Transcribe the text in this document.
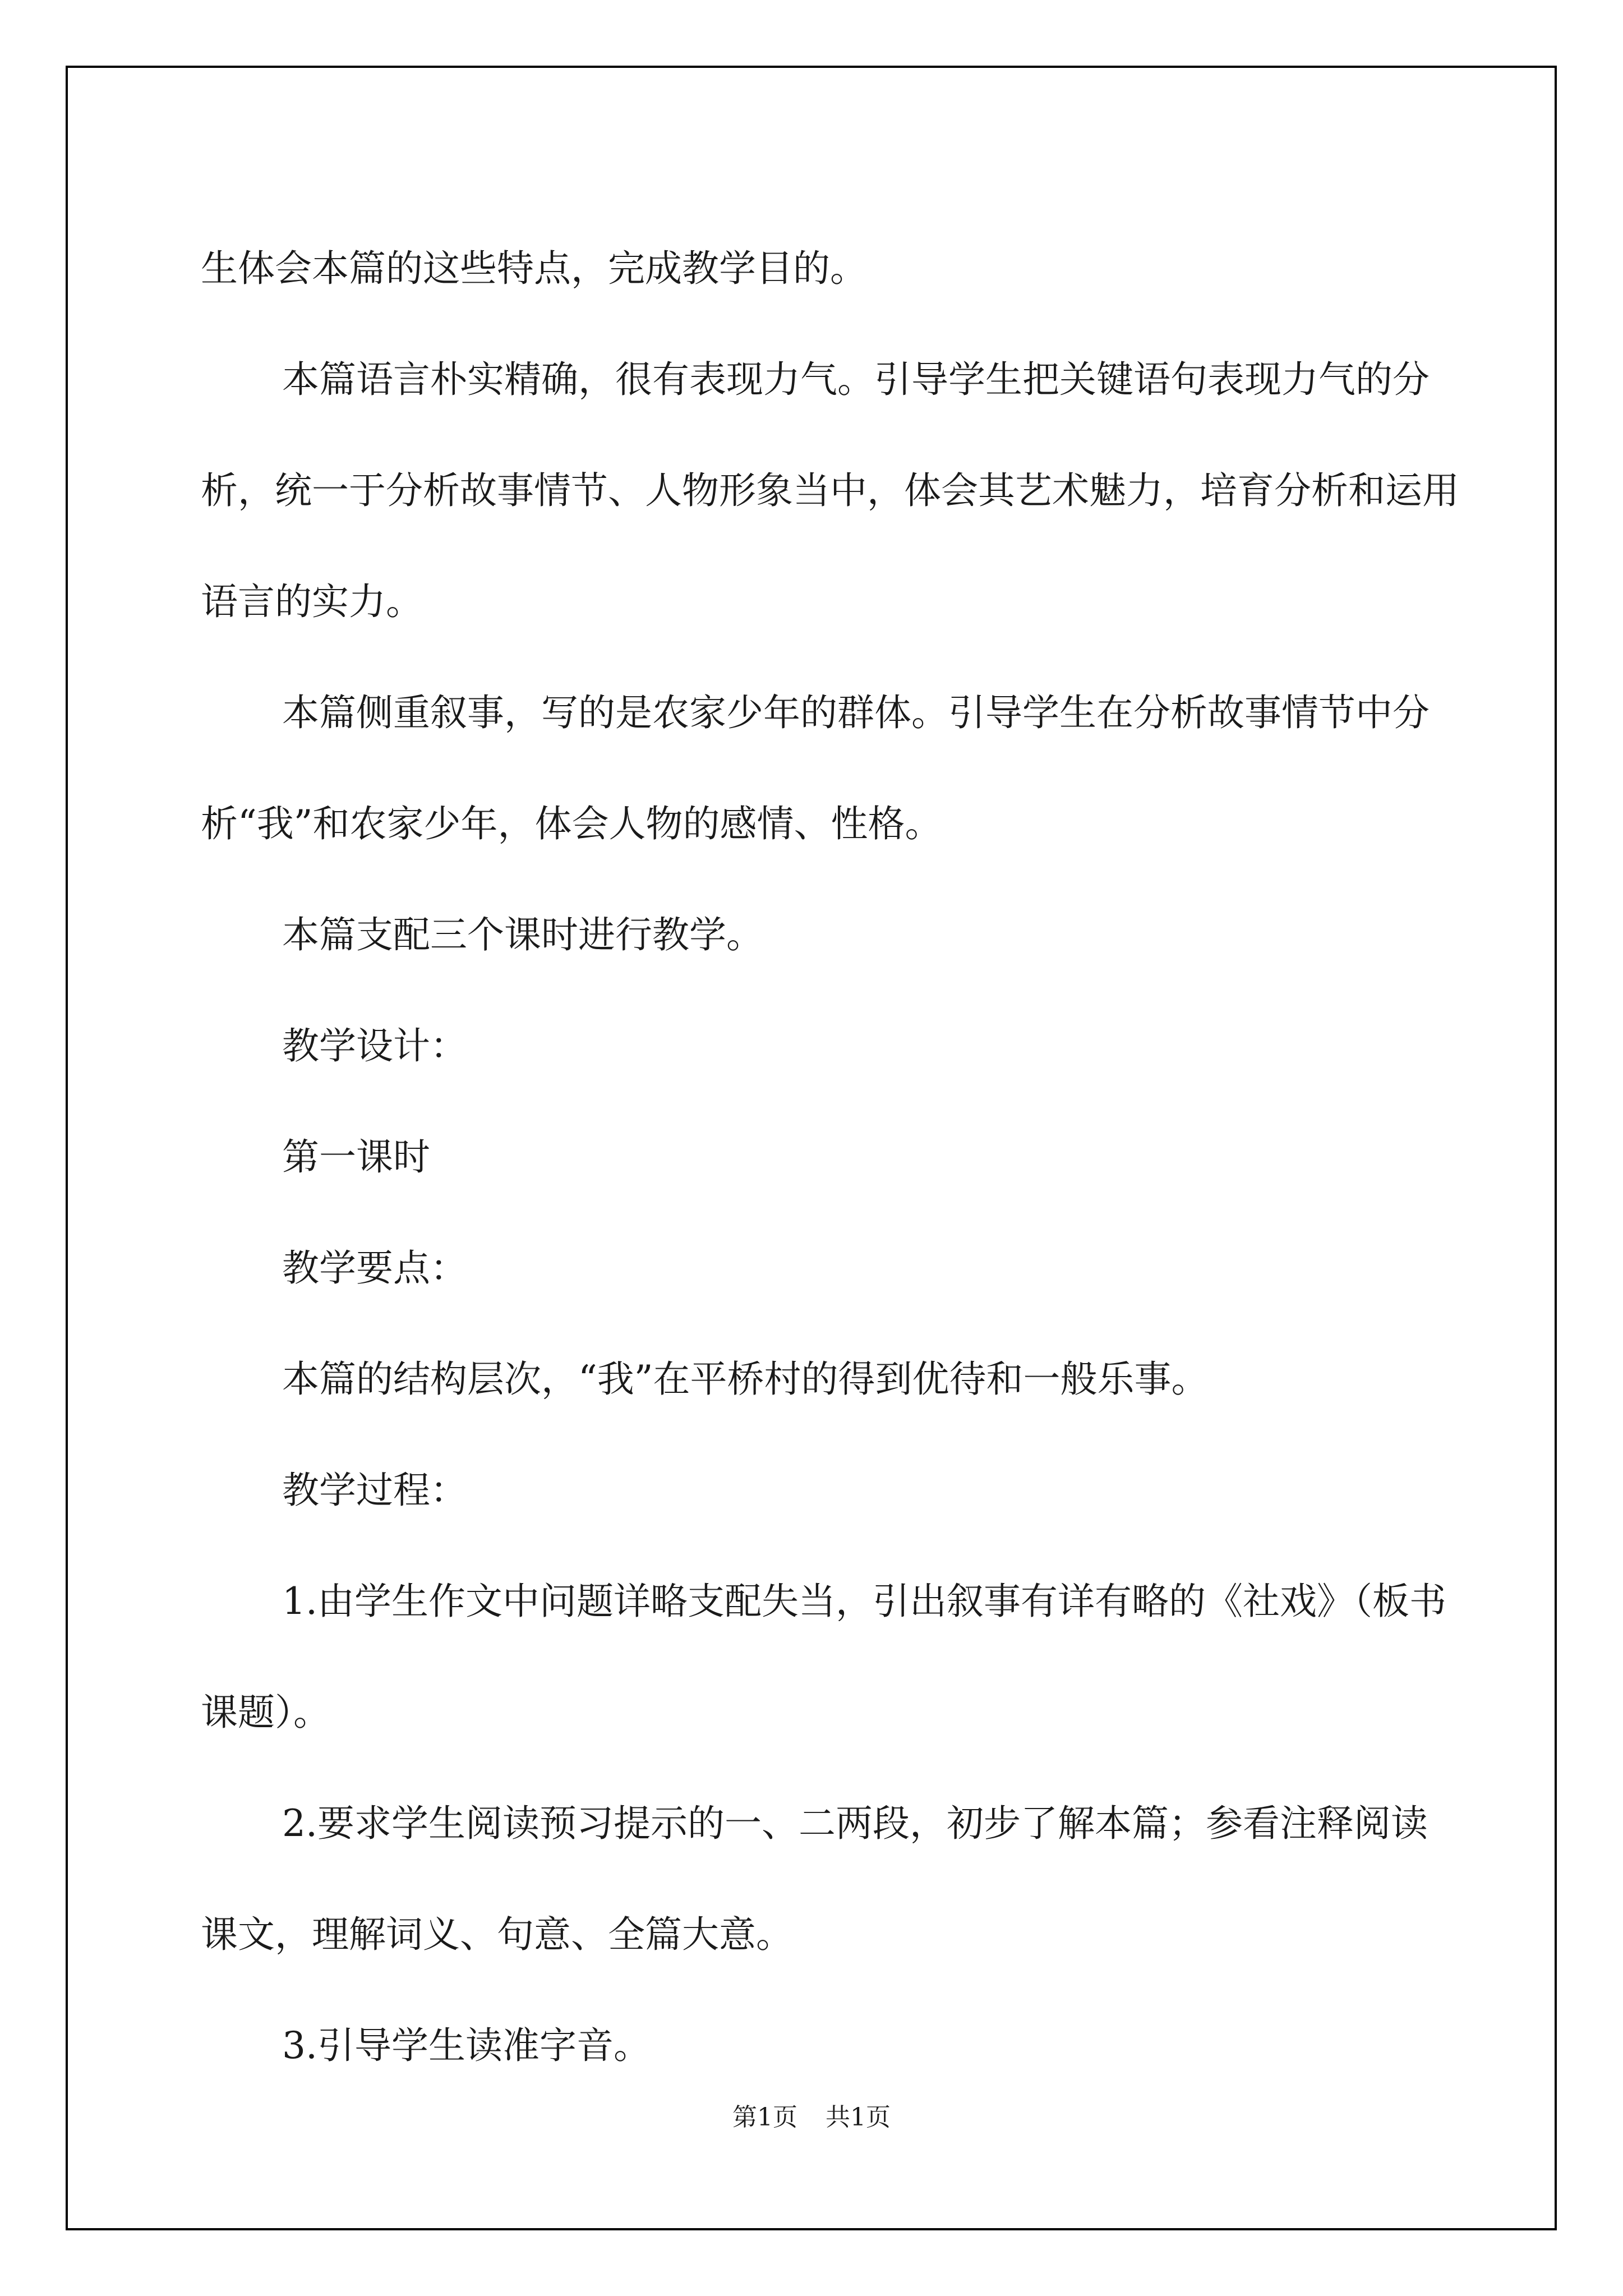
生体会本篇的这些特点，完成教学目的。

本篇语言朴实精确，很有表现力气。引导学生把关键语句表现力气的分析，统一于分析故事情节、人物形象当中，体会其艺术魅力，培育分析和运用语言的实力。

本篇侧重叙事，写的是农家少年的群体。引导学生在分析故事情节中分析“我”和农家少年，体会人物的感情、性格。

本篇支配三个课时进行教学。

教学设计：

第一课时

教学要点：

本篇的结构层次，“我”在平桥村的得到优待和一般乐事。

教学过程：

1.由学生作文中问题详略支配失当，引出叙事有详有略的《社戏》（板书课题）。

2.要求学生阅读预习提示的一、二两段，初步了解本篇；参看注释阅读课文，理解词义、句意、全篇大意。

3.引导学生读准字音。

第1页 共1页
